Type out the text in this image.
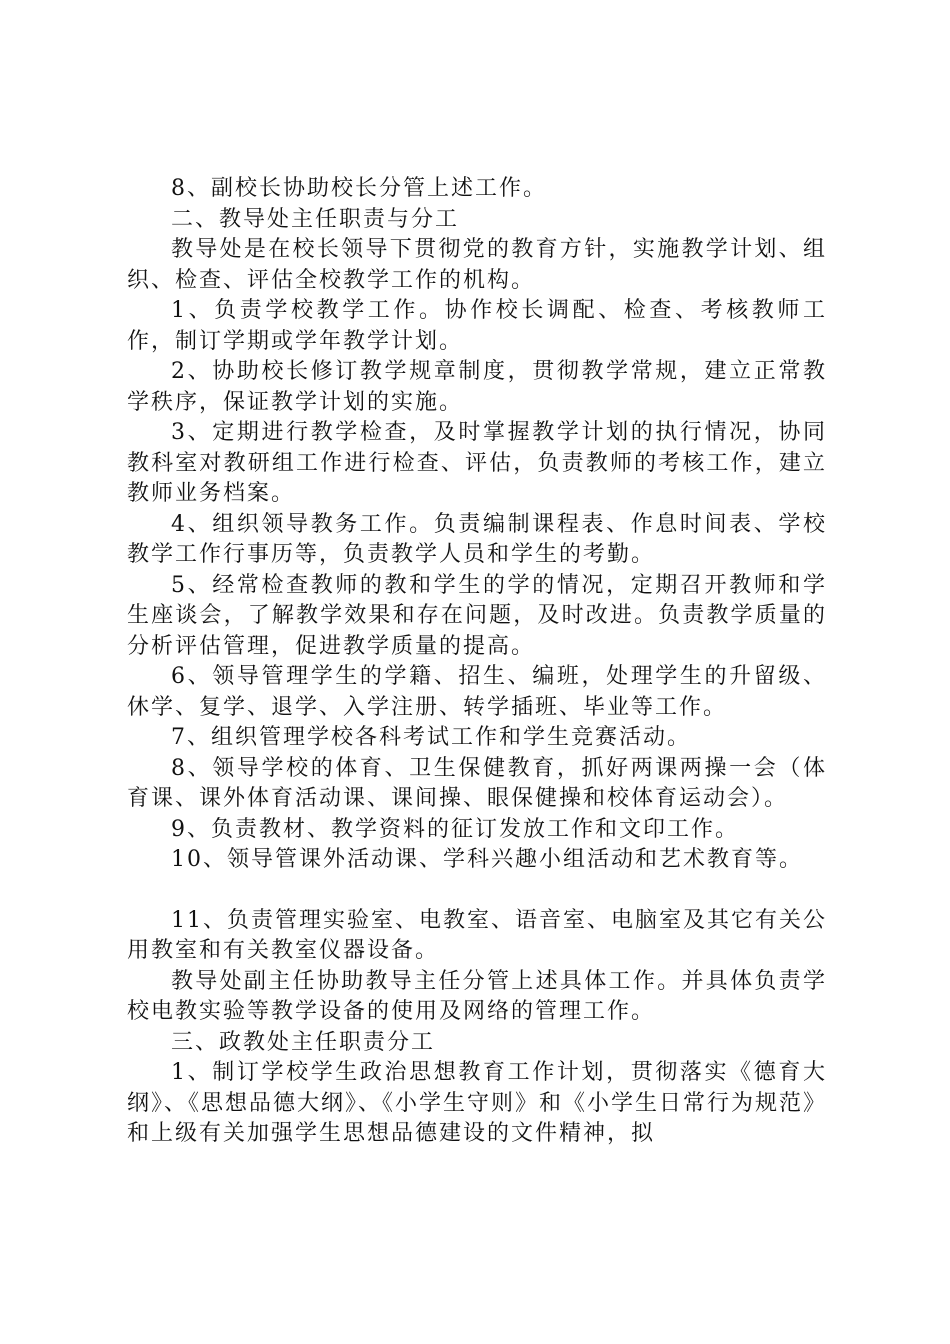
8、副校长协助校长分管上述工作。

二、教导处主任职责与分工

教导处是在校长领导下贯彻党的教育方针，实施教学计划、组织、检查、评估全校教学工作的机构。

1、负责学校教学工作。协作校长调配、检查、考核教师工作，制订学期或学年教学计划。

2、协助校长修订教学规章制度，贯彻教学常规，建立正常教学秩序，保证教学计划的实施。

3、定期进行教学检查，及时掌握教学计划的执行情况，协同教科室对教研组工作进行检查、评估，负责教师的考核工作，建立教师业务档案。

4、组织领导教务工作。负责编制课程表、作息时间表、学校教学工作行事历等，负责教学人员和学生的考勤。

5、经常检查教师的教和学生的学的情况，定期召开教师和学生座谈会，了解教学效果和存在问题，及时改进。负责教学质量的分析评估管理，促进教学质量的提高。

6、领导管理学生的学籍、招生、编班，处理学生的升留级、休学、复学、退学、入学注册、转学插班、毕业等工作。

7、组织管理学校各科考试工作和学生竞赛活动。

8、领导学校的体育、卫生保健教育，抓好两课两操一会（体育课、课外体育活动课、课间操、眼保健操和校体育运动会）。

9、负责教材、教学资料的征订发放工作和文印工作。

10、领导管课外活动课、学科兴趣小组活动和艺术教育等。

11、负责管理实验室、电教室、语音室、电脑室及其它有关公用教室和有关教室仪器设备。

教导处副主任协助教导主任分管上述具体工作。并具体负责学校电教实验等教学设备的使用及网络的管理工作。

三、政教处主任职责分工

1、制订学校学生政治思想教育工作计划，贯彻落实《德育大纲》、《思想品德大纲》、《小学生守则》和《小学生日常行为规范》和上级有关加强学生思想品德建设的文件精神，拟
